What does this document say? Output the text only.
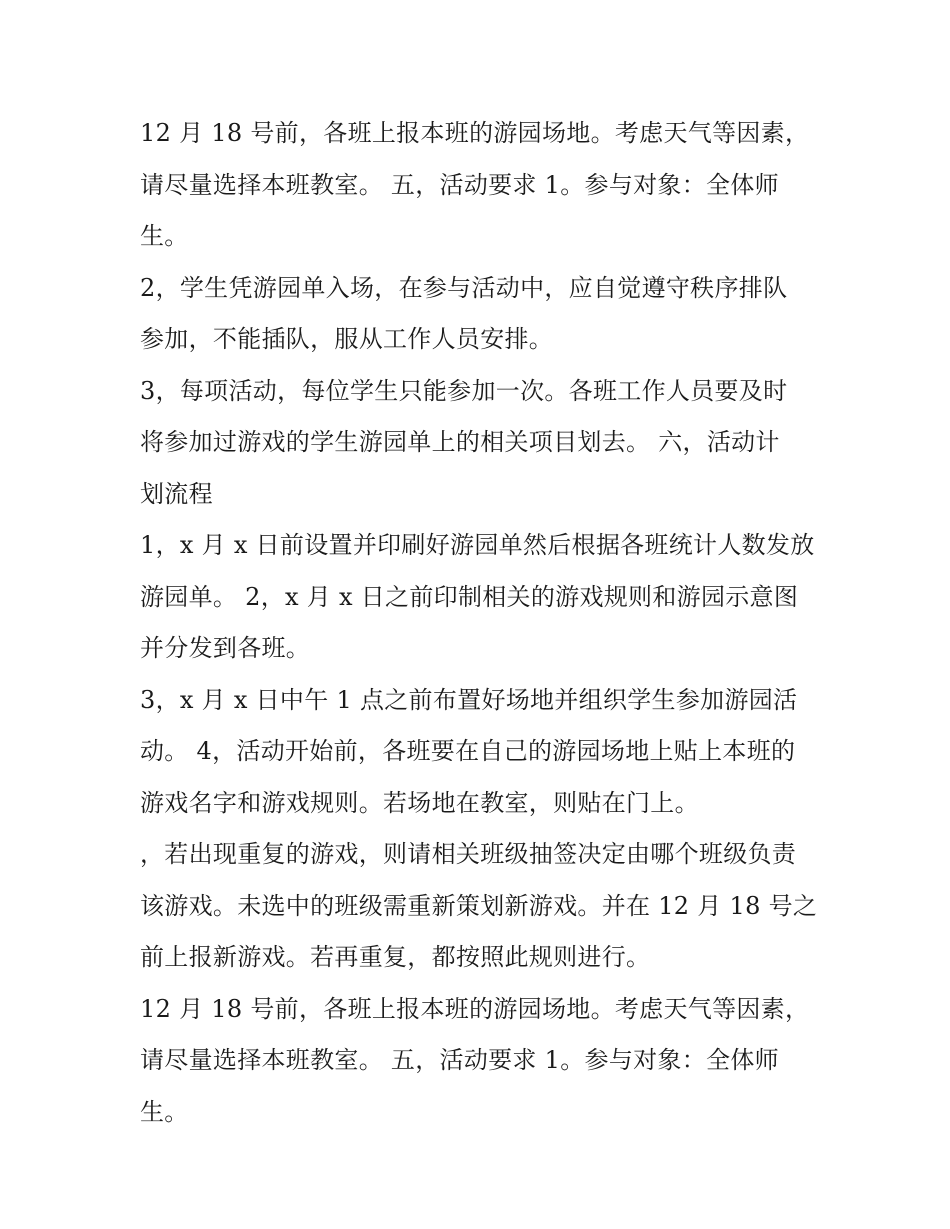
12 月 18 号前，各班上报本班的游园场地。考虑天气等因素，
请尽量选择本班教室。 五，活动要求 1。参与对象：全体师
生。
2，学生凭游园单入场，在参与活动中，应自觉遵守秩序排队
参加，不能插队，服从工作人员安排。
3，每项活动，每位学生只能参加一次。各班工作人员要及时
将参加过游戏的学生游园单上的相关项目划去。 六，活动计
划流程
1，x 月 x 日前设置并印刷好游园单然后根据各班统计人数发放
游园单。 2，x 月 x 日之前印制相关的游戏规则和游园示意图
并分发到各班。
3，x 月 x 日中午 1 点之前布置好场地并组织学生参加游园活
动。 4，活动开始前，各班要在自己的游园场地上贴上本班的
游戏名字和游戏规则。若场地在教室，则贴在门上。
，若出现重复的游戏，则请相关班级抽签决定由哪个班级负责
该游戏。未选中的班级需重新策划新游戏。并在 12 月 18 号之
前上报新游戏。若再重复，都按照此规则进行。
12 月 18 号前，各班上报本班的游园场地。考虑天气等因素，
请尽量选择本班教室。 五，活动要求 1。参与对象：全体师
生。
